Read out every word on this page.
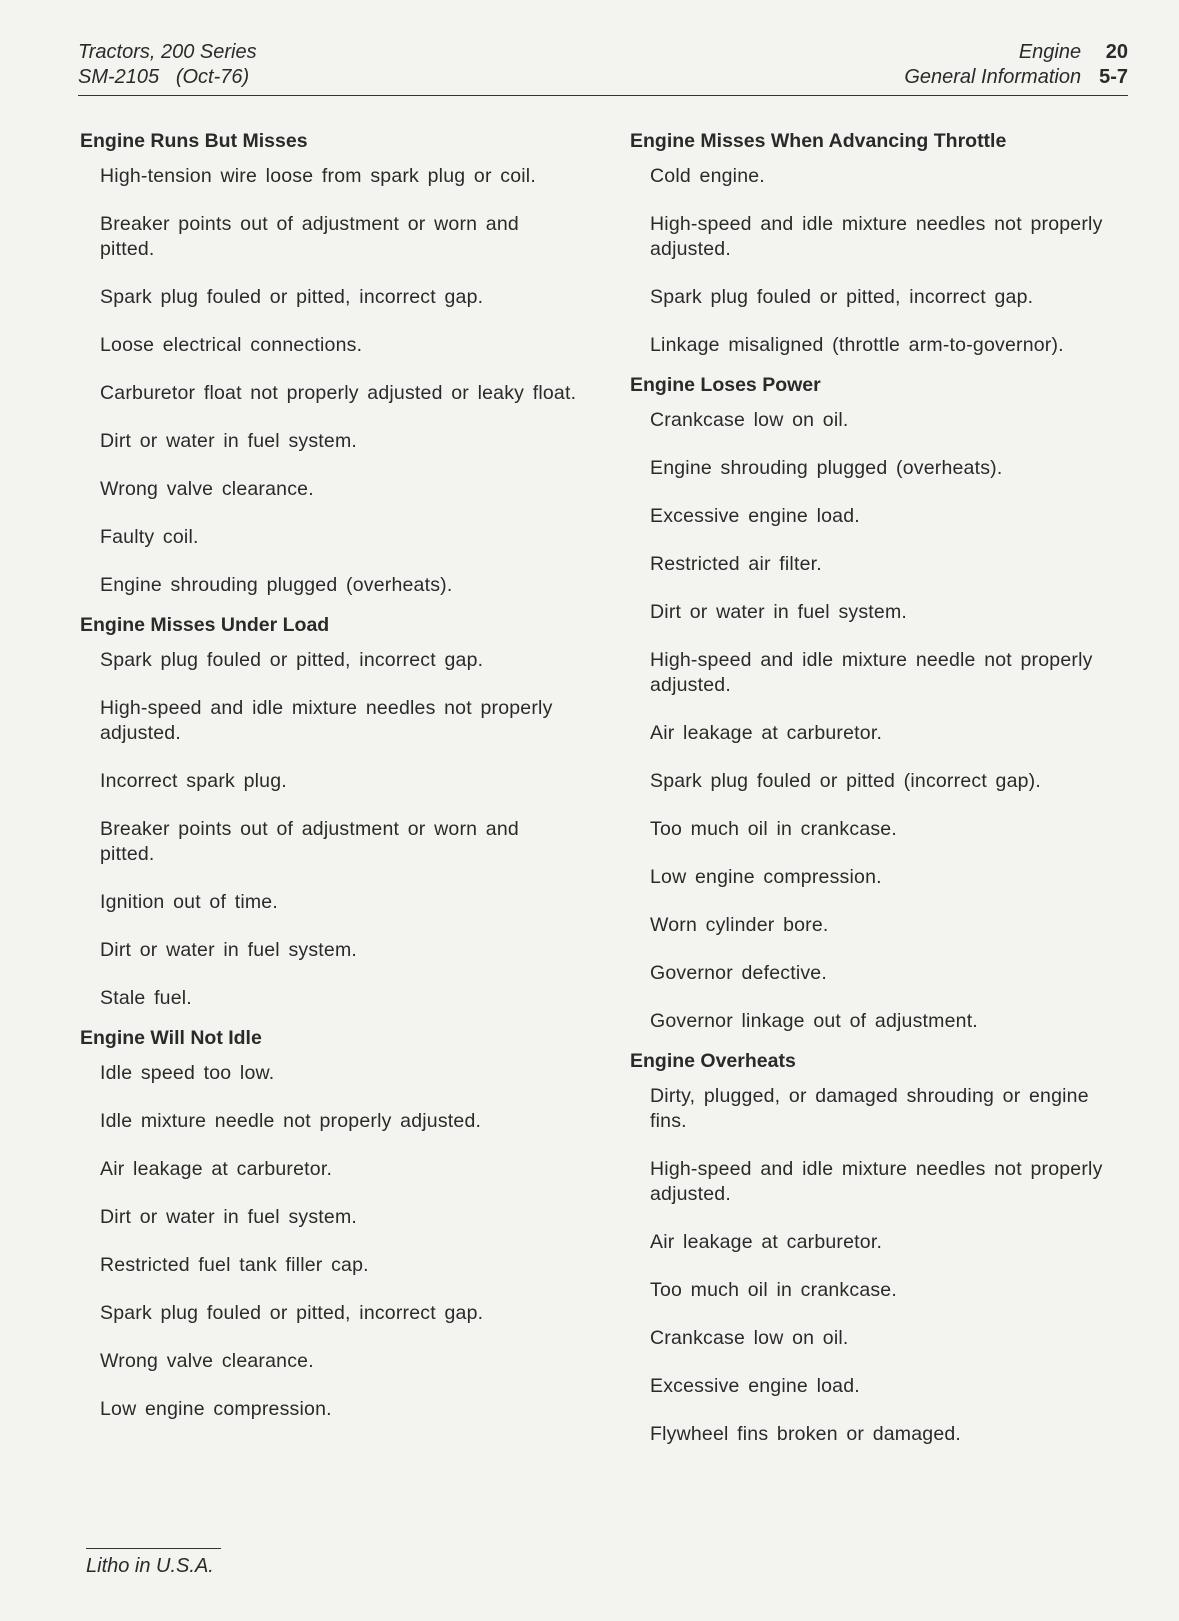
Tractors, 200 Series
SM-2105   (Oct-76)
Engine
General Information
20
5-7
Engine Runs But Misses
High-tension wire loose from spark plug or coil.
Breaker points out of adjustment or worn and pitted.
Spark plug fouled or pitted, incorrect gap.
Loose electrical connections.
Carburetor float not properly adjusted or leaky float.
Dirt or water in fuel system.
Wrong valve clearance.
Faulty coil.
Engine shrouding plugged (overheats).
Engine Misses Under Load
Spark plug fouled or pitted, incorrect gap.
High-speed and idle mixture needles not properly adjusted.
Incorrect spark plug.
Breaker points out of adjustment or worn and pitted.
Ignition out of time.
Dirt or water in fuel system.
Stale fuel.
Engine Will Not Idle
Idle speed too low.
Idle mixture needle not properly adjusted.
Air leakage at carburetor.
Dirt or water in fuel system.
Restricted fuel tank filler cap.
Spark plug fouled or pitted, incorrect gap.
Wrong valve clearance.
Low engine compression.
Engine Misses When Advancing Throttle
Cold engine.
High-speed and idle mixture needles not properly adjusted.
Spark plug fouled or pitted, incorrect gap.
Linkage misaligned (throttle arm-to-governor).
Engine Loses Power
Crankcase low on oil.
Engine shrouding plugged (overheats).
Excessive engine load.
Restricted air filter.
Dirt or water in fuel system.
High-speed and idle mixture needle not properly adjusted.
Air leakage at carburetor.
Spark plug fouled or pitted (incorrect gap).
Too much oil in crankcase.
Low engine compression.
Worn cylinder bore.
Governor defective.
Governor linkage out of adjustment.
Engine Overheats
Dirty, plugged, or damaged shrouding or engine fins.
High-speed and idle mixture needles not properly adjusted.
Air leakage at carburetor.
Too much oil in crankcase.
Crankcase low on oil.
Excessive engine load.
Flywheel fins broken or damaged.
Litho in U.S.A.
